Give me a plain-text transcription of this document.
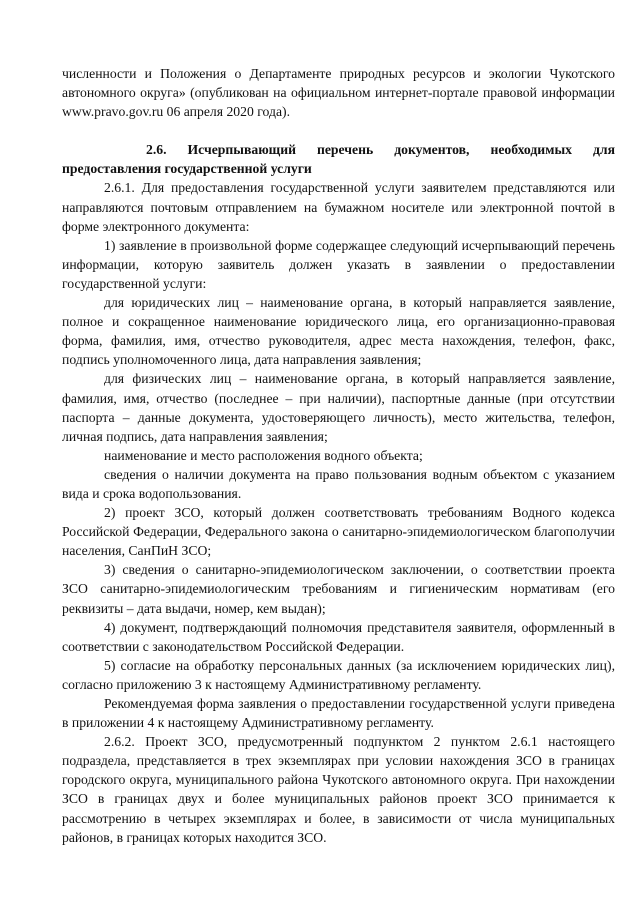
численности и Положения о Департаменте природных ресурсов и экологии Чукотского автономного округа» (опубликован на официальном интернет-портале правовой информации www.pravo.gov.ru 06 апреля 2020 года).

2.6. Исчерпывающий перечень документов, необходимых для предоставления государственной услуги

2.6.1. Для предоставления государственной услуги заявителем представляются или направляются почтовым отправлением на бумажном носителе или электронной почтой в форме электронного документа:

1) заявление в произвольной форме содержащее следующий исчерпывающий перечень информации, которую заявитель должен указать в заявлении о предоставлении государственной услуги:

для юридических лиц – наименование органа, в который направляется заявление, полное и сокращенное наименование юридического лица, его организационно-правовая форма, фамилия, имя, отчество руководителя, адрес места нахождения, телефон, факс, подпись уполномоченного лица, дата направления заявления;

для физических лиц – наименование органа, в который направляется заявление, фамилия, имя, отчество (последнее – при наличии), паспортные данные (при отсутствии паспорта – данные документа, удостоверяющего личность), место жительства, телефон, личная подпись, дата направления заявления;

наименование и место расположения водного объекта;

сведения о наличии документа на право пользования водным объектом с указанием вида и срока водопользования.

2) проект ЗСО, который должен соответствовать требованиям Водного кодекса Российской Федерации, Федерального закона о санитарно-эпидемиологическом благополучии населения, СанПиН ЗСО;

3) сведения о санитарно-эпидемиологическом заключении, о соответствии проекта ЗСО санитарно-эпидемиологическим требованиям и гигиеническим нормативам (его реквизиты – дата выдачи, номер, кем выдан);

4) документ, подтверждающий полномочия представителя заявителя, оформленный в соответствии с законодательством Российской Федерации.

5) согласие на обработку персональных данных (за исключением юридических лиц), согласно приложению 3 к настоящему Административному регламенту.

Рекомендуемая форма заявления о предоставлении государственной услуги приведена в приложении 4 к настоящему Административному регламенту.

2.6.2. Проект ЗСО, предусмотренный подпунктом 2 пунктом 2.6.1 настоящего подраздела, представляется в трех экземплярах при условии нахождения ЗСО в границах городского округа, муниципального района Чукотского автономного округа. При нахождении ЗСО в границах двух и более муниципальных районов проект ЗСО принимается к рассмотрению в четырех экземплярах и более, в зависимости от числа муниципальных районов, в границах которых находится ЗСО.
